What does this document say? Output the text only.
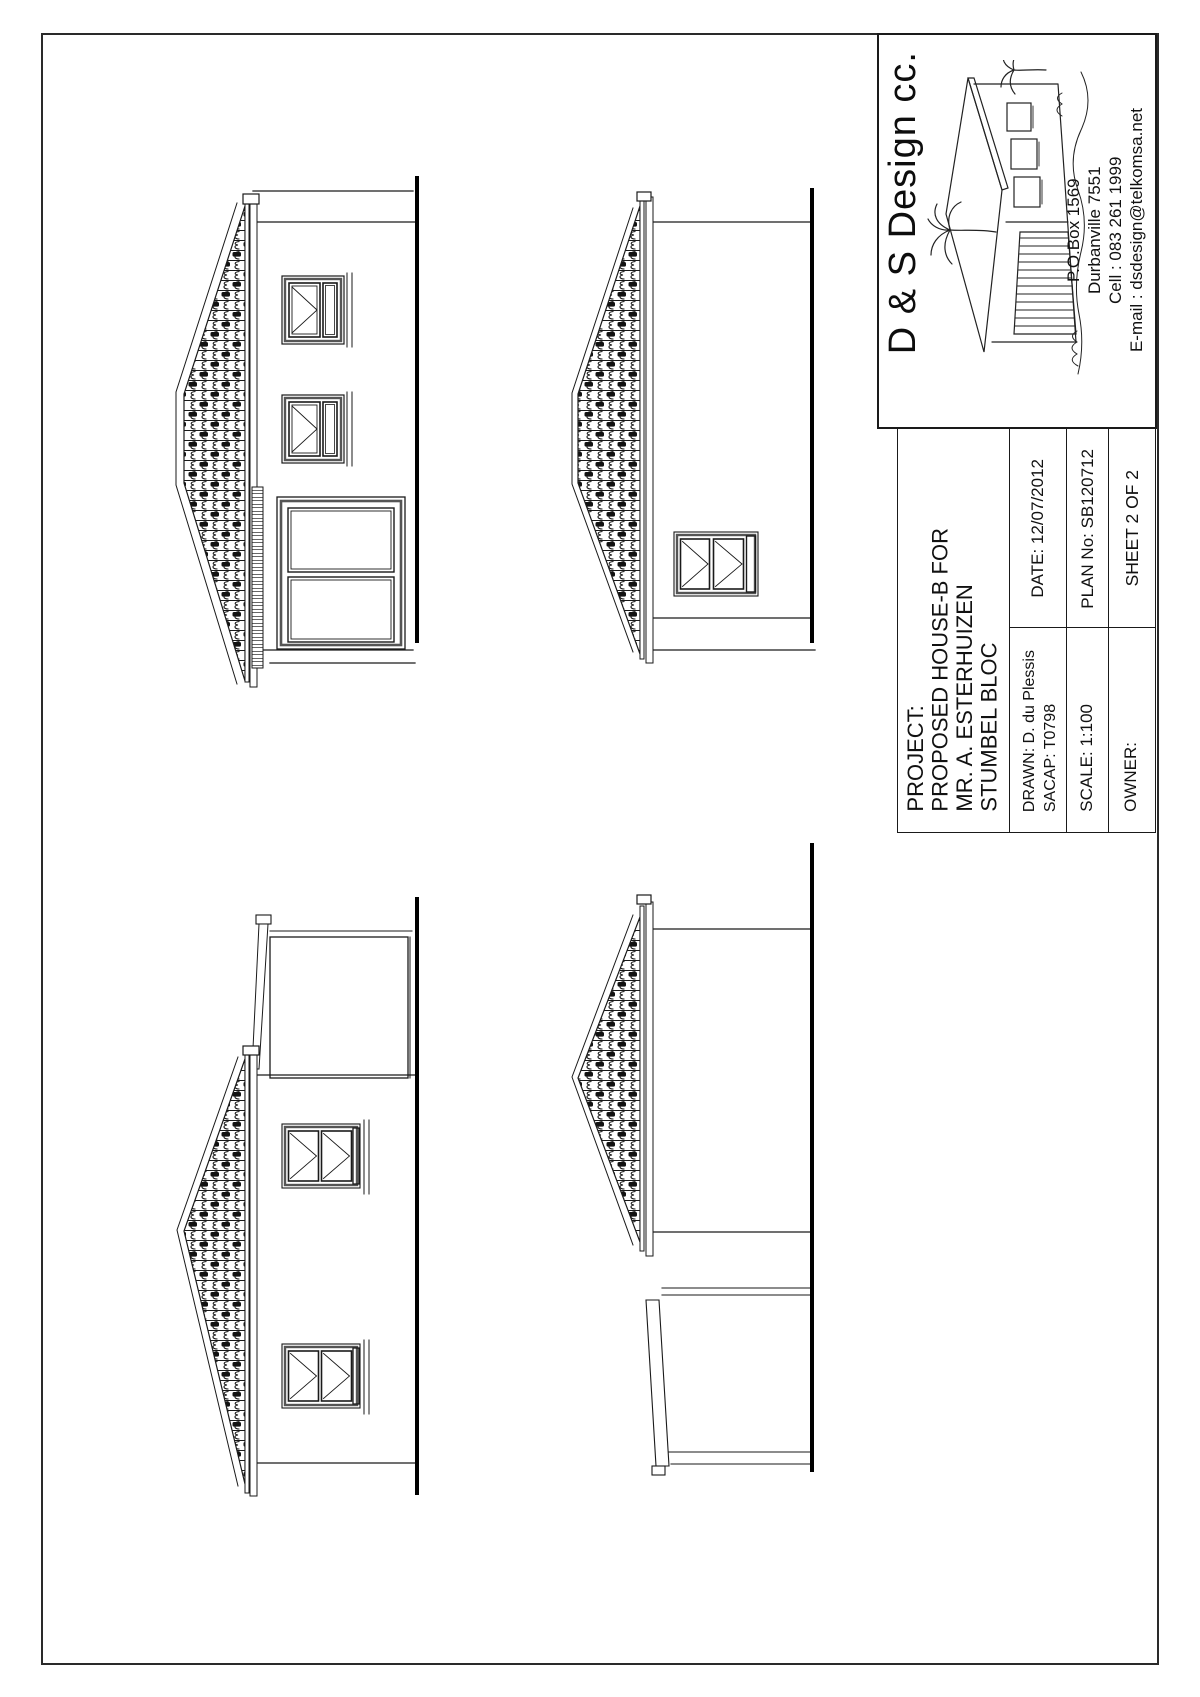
D & S Design cc.	P.O.Box 1569 Durbanville 7551 Cell : 083 261 1999 E-mail : dsdesign@telkomsa.net
PROJECT: PROPOSED HOUSE-B FOR MR. A. ESTERHUIZEN STUMBEL BLOC
DATE: 12/07/2012
DRAWN: D. du Plessis SACAP: T0798
PLAN No: SB120712
SCALE: 1:100
SHEET 2 OF 2
OWNER:
